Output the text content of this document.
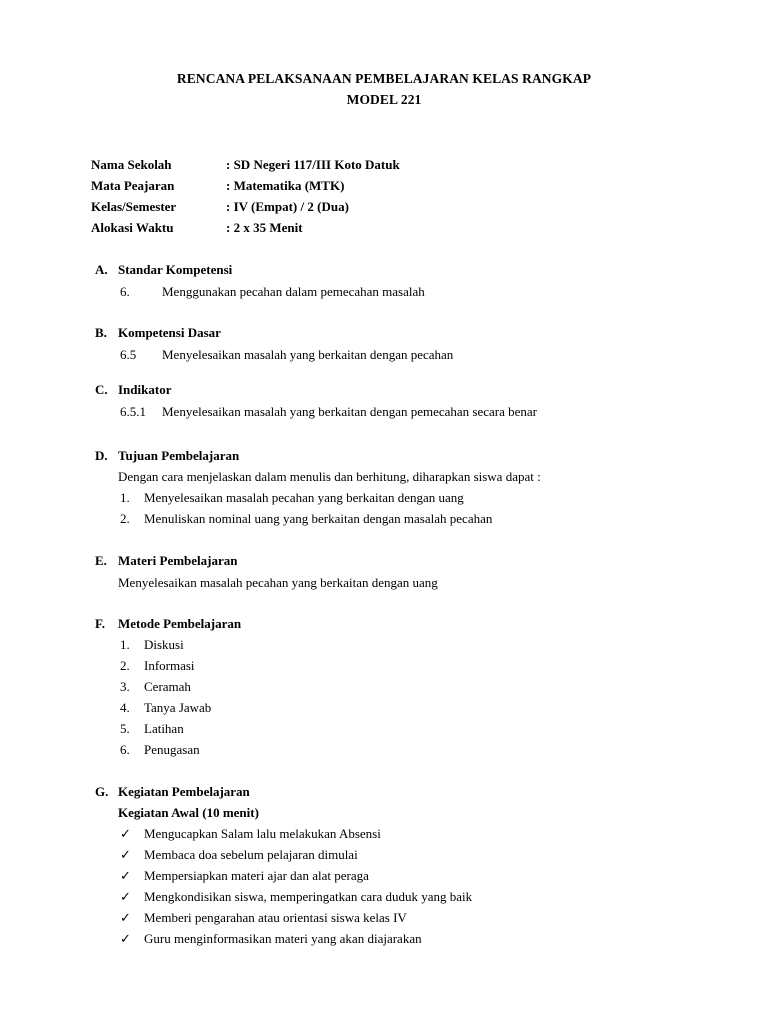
RENCANA PELAKSANAAN PEMBELAJARAN KELAS RANGKAP
MODEL 221
Nama Sekolah	: SD Negeri 117/III Koto Datuk
Mata Peajaran	: Matematika (MTK)
Kelas/Semester	: IV (Empat) / 2 (Dua)
Alokasi Waktu	: 2 x 35 Menit
A. Standar Kompetensi
6.	Menggunakan pecahan dalam pemecahan masalah
B. Kompetensi Dasar
6.5	Menyelesaikan masalah yang berkaitan dengan pecahan
C. Indikator
6.5.1	Menyelesaikan masalah yang berkaitan dengan pemecahan secara benar
D. Tujuan Pembelajaran
Dengan cara menjelaskan dalam menulis dan berhitung, diharapkan siswa dapat :
1.	Menyelesaikan masalah pecahan yang berkaitan dengan uang
2.	Menuliskan nominal uang yang berkaitan dengan masalah pecahan
E. Materi Pembelajaran
Menyelesaikan masalah pecahan yang berkaitan dengan uang
F.	Metode Pembelajaran
1.	Diskusi
2.	Informasi
3.	Ceramah
4.	Tanya Jawab
5.	Latihan
6.	Penugasan
G. Kegiatan Pembelajaran
Kegiatan Awal (10 menit)
✓	Mengucapkan Salam lalu melakukan Absensi
✓	Membaca doa sebelum pelajaran dimulai
✓	Mempersiapkan materi ajar dan alat peraga
✓	Mengkondisikan siswa, memperingatkan cara duduk yang baik
✓	Memberi pengarahan atau orientasi siswa kelas IV
✓	Guru menginformasikan materi yang akan diajarakan
